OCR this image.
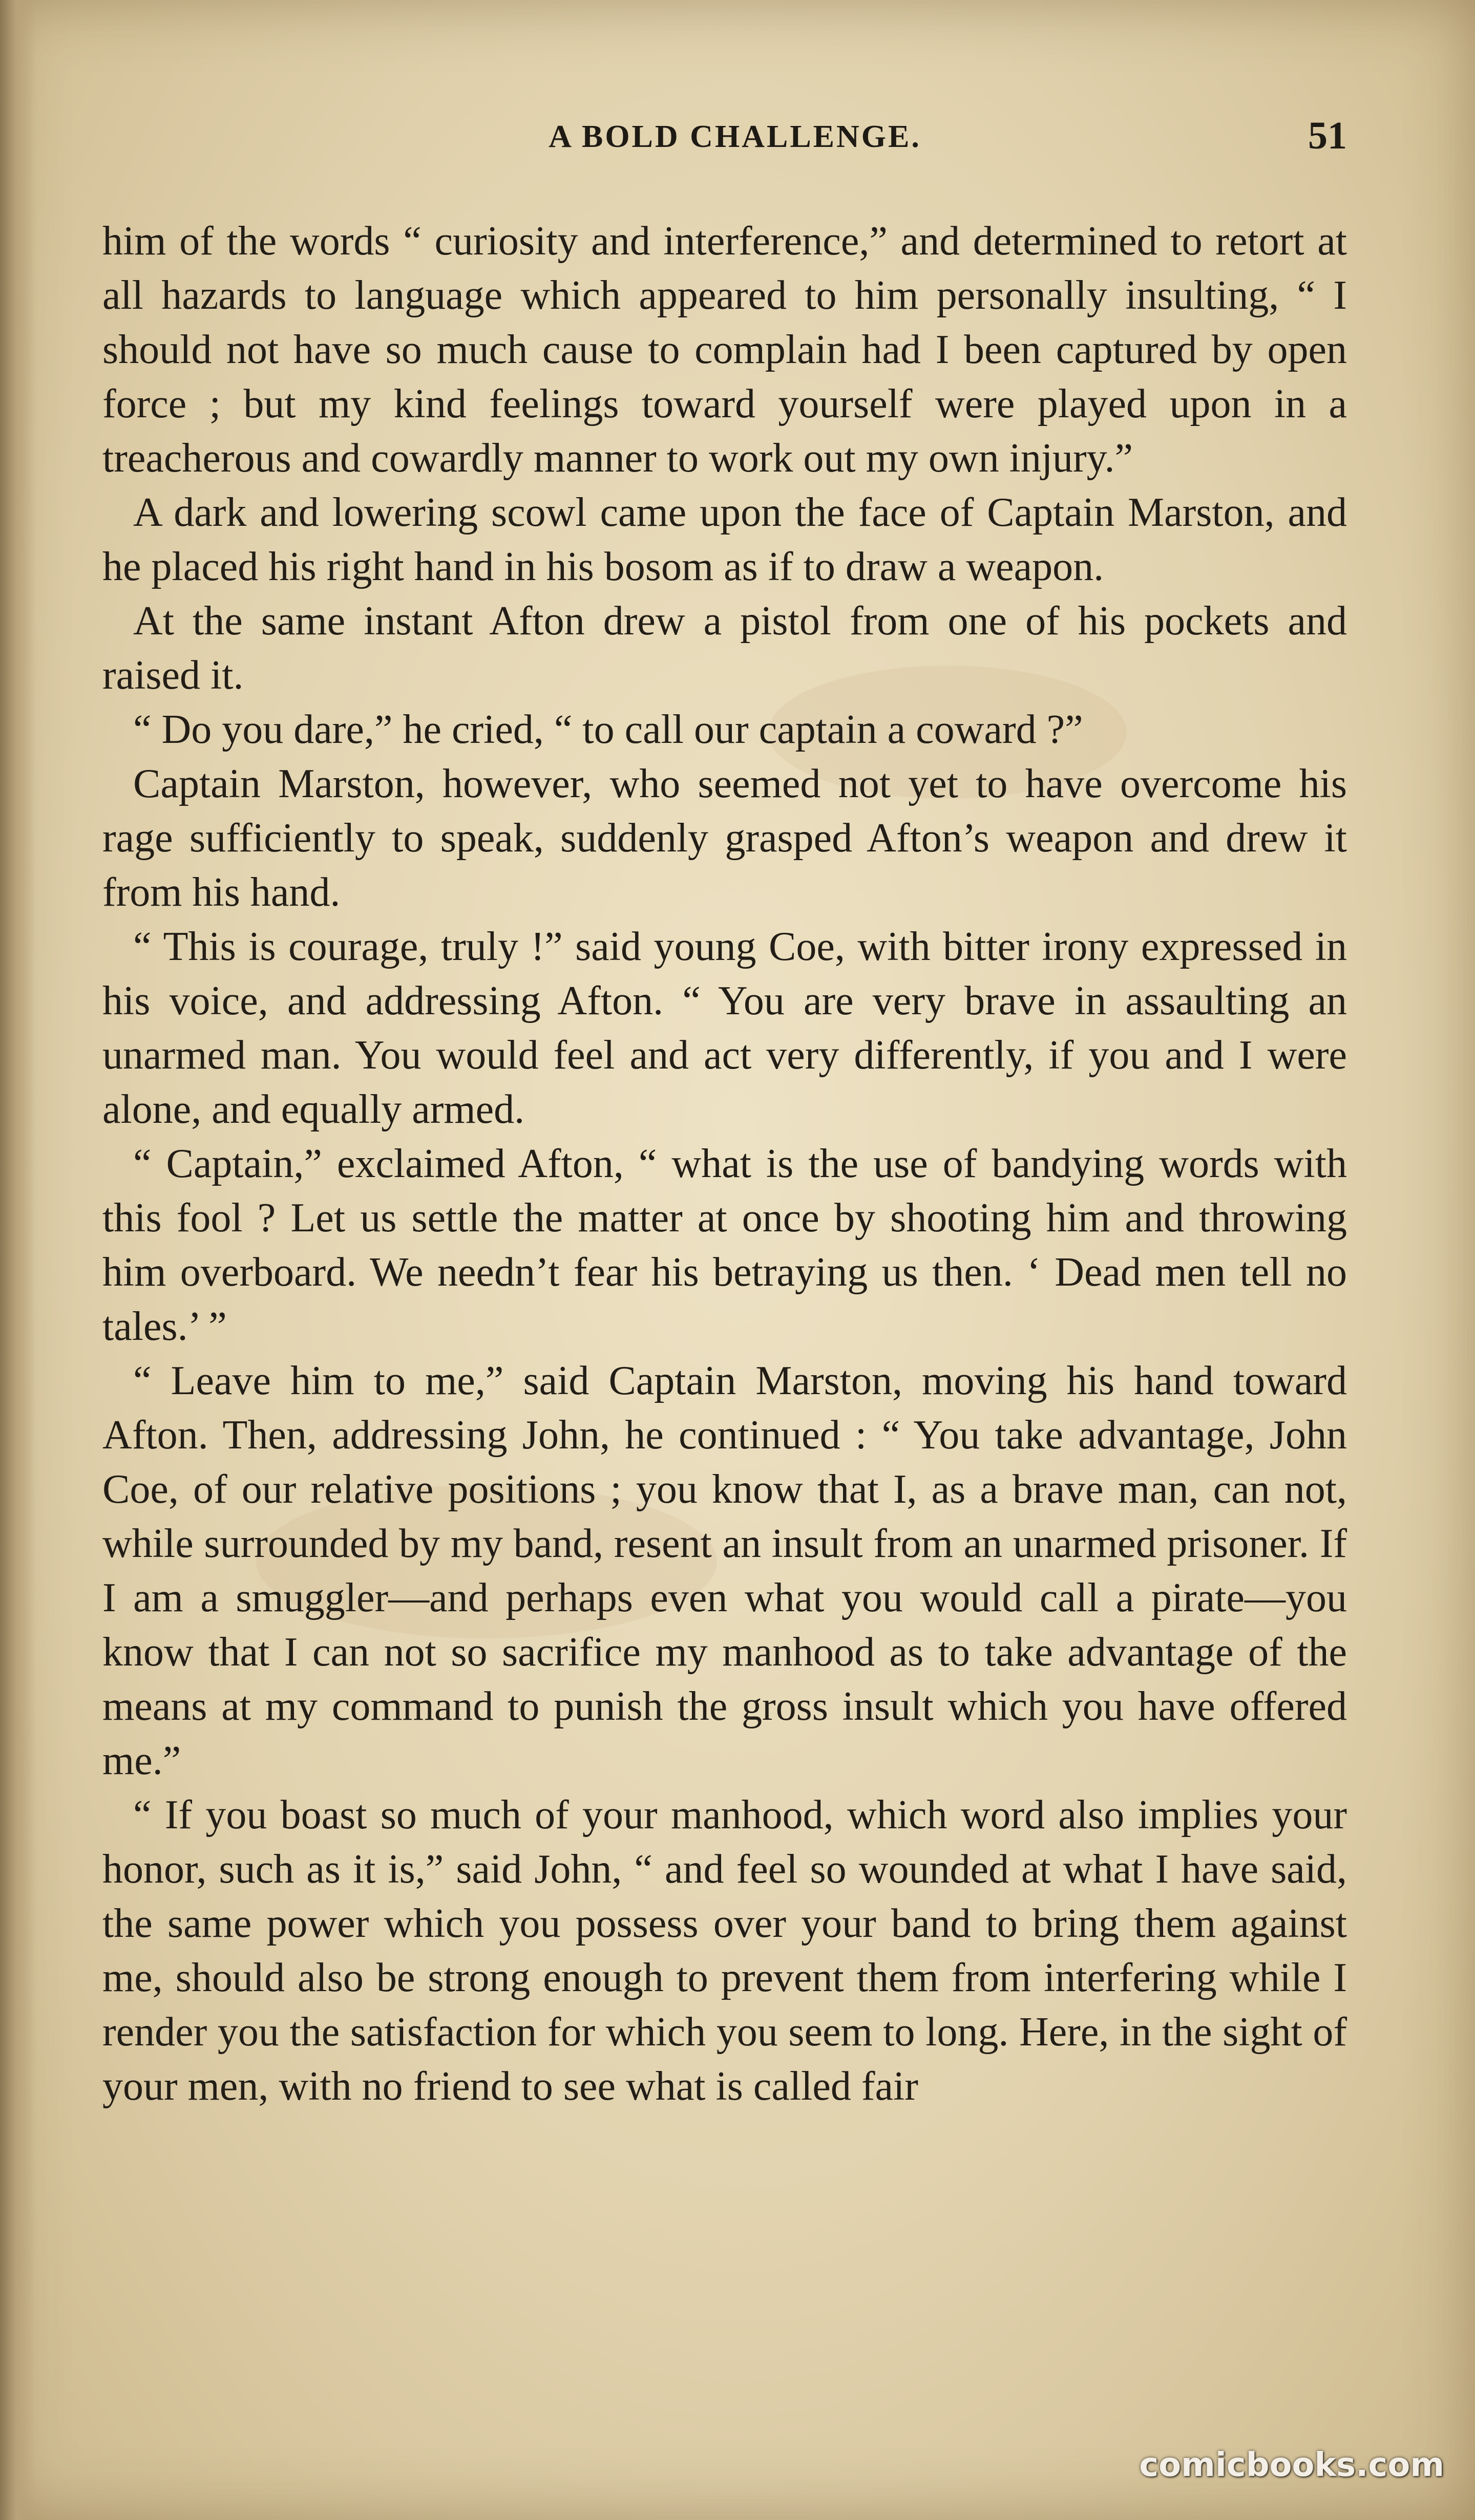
A BOLD CHALLENGE.	51

him of the words “ curiosity and interference,” and determined to retort at all hazards to language which appeared to him personally insulting, “ I should not have so much cause to complain had I been captured by open force ; but my kind feelings toward yourself were played upon in a treacherous and cowardly manner to work out my own injury.”

A dark and lowering scowl came upon the face of Captain Marston, and he placed his right hand in his bosom as if to draw a weapon.

At the same instant Afton drew a pistol from one of his pockets and raised it.

“ Do you dare,” he cried, “ to call our captain a coward ?”

Captain Marston, however, who seemed not yet to have overcome his rage sufficiently to speak, suddenly grasped Afton’s weapon and drew it from his hand.

“ This is courage, truly !” said young Coe, with bitter irony expressed in his voice, and addressing Afton. “ You are very brave in assaulting an unarmed man. You would feel and act very differently, if you and I were alone, and equally armed.

“ Captain,” exclaimed Afton, “ what is the use of bandying words with this fool ? Let us settle the matter at once by shooting him and throwing him overboard. We needn’t fear his betraying us then. ‘ Dead men tell no tales.’ ”

“ Leave him to me,” said Captain Marston, moving his hand toward Afton. Then, addressing John, he continued : “ You take advantage, John Coe, of our relative positions ; you know that I, as a brave man, can not, while surrounded by my band, resent an insult from an unarmed prisoner. If I am a smuggler—and perhaps even what you would call a pirate—you know that I can not so sacrifice my manhood as to take advantage of the means at my command to punish the gross insult which you have offered me.”

“ If you boast so much of your manhood, which word also implies your honor, such as it is,” said John, “ and feel so wounded at what I have said, the same power which you possess over your band to bring them against me, should also be strong enough to prevent them from interfering while I render you the satisfaction for which you seem to long. Here, in the sight of your men, with no friend to see what is called fair

comicbooks.com
